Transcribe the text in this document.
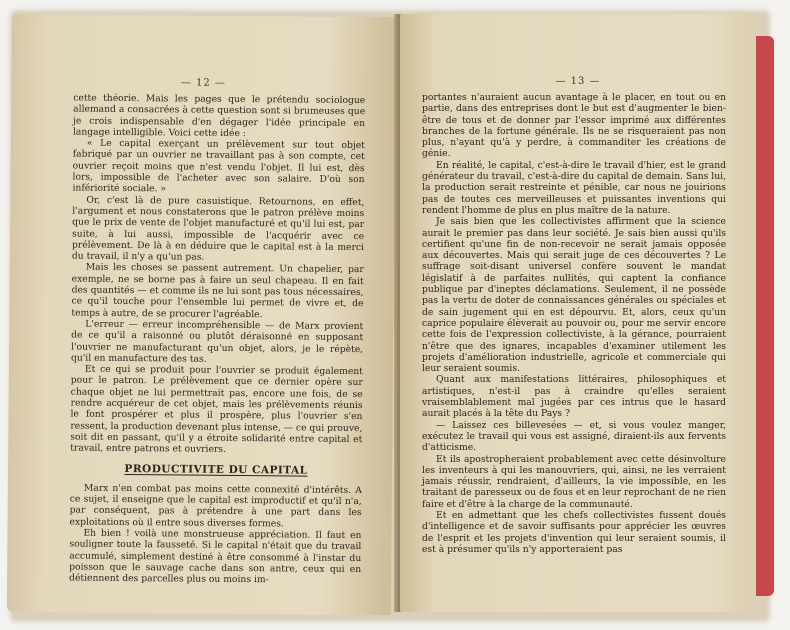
— 12 —

cette théorie. Mais les pages que le prétendu sociologue allemand a consacrées à cette question sont si brumeuses que je crois indispensable d'en dégager l'idée principale en langage intelligible. Voici cette idée :

« Le capital exerçant un prélèvement sur tout objet fabriqué par un ouvrier ne travaillant pas à son compte, cet ouvrier reçoit moins que n'est vendu l'objet. Il lui est, dès lors, impossible de l'acheter avec son salaire. D'où son infériorité sociale. »

Or, c'est là de pure casuistique. Retournons, en effet, l'argument et nous constaterons que le patron prélève moins que le prix de vente de l'objet manufacturé et qu'il lui est, par suite, à lui aussi, impossible de l'acquérir avec ce prélèvement. De là à en déduire que le capital est à la merci du travail, il n'y a qu'un pas.

Mais les choses se passent autrement. Un chapelier, par exemple, ne se borne pas à faire un seul chapeau. Il en fait des quantités — et comme ils ne lui sont pas tous nécessaires, ce qu'il touche pour l'ensemble lui permet de vivre et, de temps à autre, de se procurer l'agréable.

L'erreur — erreur incompréhensible — de Marx provient de ce qu'il a raisonné ou plutôt déraisonné en supposant l'ouvrier ne manufacturant qu'un objet, alors, je le répète, qu'il en manufacture des tas.

Et ce qui se produit pour l'ouvrier se produit également pour le patron. Le prélèvement que ce dernier opère sur chaque objet ne lui permettrait pas, encore une fois, de se rendre acquéreur de cet objet, mais les prélèvements réunis le font prospérer et plus il prospère, plus l'ouvrier s'en ressent, la production devenant plus intense, — ce qui prouve, soit dit en passant, qu'il y a étroite solidarité entre capital et travail, entre patrons et ouvriers.

PRODUCTIVITE DU CAPITAL

Marx n'en combat pas moins cette connexité d'intérêts. A ce sujet, il enseigne que le capital est improductif et qu'il n'a, par conséquent, pas à prétendre à une part dans les exploitations où il entre sous diverses formes.

Eh bien ! voilà une monstrueuse appréciation. Il faut en souligner toute la fausseté. Si le capital n'était que du travail accumulé, simplement destiné à être consommé à l'instar du poisson que le sauvage cache dans son antre, ceux qui en détiennent des parcelles plus ou moins im-

— 13 —

portantes n'auraient aucun avantage à le placer, en tout ou en partie, dans des entreprises dont le but est d'augmenter le bien-être de tous et de donner par l'essor imprimé aux différentes branches de la fortune générale. Ils ne se risqueraient pas non plus, n'ayant qu'à y perdre, à commanditer les créations de génie.

En réalité, le capital, c'est-à-dire le travail d'hier, est le grand générateur du travail, c'est-à-dire du capital de demain. Sans lui, la production serait restreinte et pénible, car nous ne jouirions pas de toutes ces merveilleuses et puissantes inventions qui rendent l'homme de plus en plus maître de la nature.

Je sais bien que les collectivistes affirment que la science aurait le premier pas dans leur société. Je sais bien aussi qu'ils certifient qu'une fin de non-recevoir ne serait jamais opposée aux découvertes. Mais qui serait juge de ces découvertes ? Le suffrage soit-disant universel confère souvent le mandat législatif à de parfaites nullités, qui captent la confiance publique par d'ineptes déclamations. Seulement, il ne possède pas la vertu de doter de connaissances générales ou spéciales et de sain jugement qui en est dépourvu. Et, alors, ceux qu'un caprice populaire élèverait au pouvoir ou, pour me servir encore cette fois de l'expression collectiviste, à la gérance, pourraient n'être que des ignares, incapables d'examiner utilement les projets d'amélioration industrielle, agricole et commerciale qui leur seraient soumis.

Quant aux manifestations littéraires, philosophiques et artistiques, n'est-il pas à craindre qu'elles seraient vraisemblablement mal jugées par ces intrus que le hasard aurait placés à la tête du Pays ?

— Laissez ces billevesées — et, si vous voulez manger, exécutez le travail qui vous est assigné, diraient-ils aux fervents d'atticisme.

Et ils apostropheraient probablement avec cette désinvolture les inventeurs à qui les manouvriers, qui, ainsi, ne les verraient jamais réussir, rendraient, d'ailleurs, la vie impossible, en les traitant de paresseux ou de fous et en leur reprochant de ne rien faire et d'être à la charge de la communauté.

Et en admettant que les chefs collectivistes fussent doués d'intelligence et de savoir suffisants pour apprécier les œuvres de l'esprit et les projets d'invention qui leur seraient soumis, il est à présumer qu'ils n'y apporteraient pas
